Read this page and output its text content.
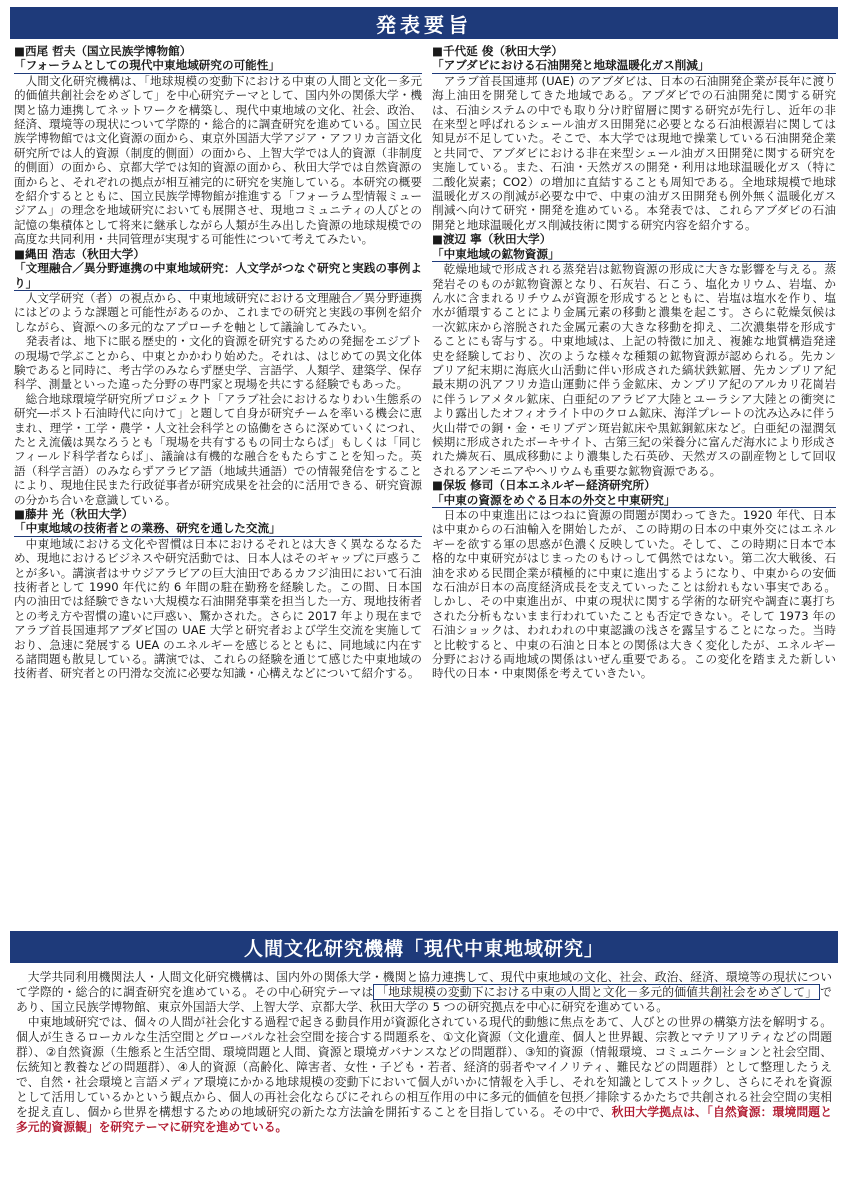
発表要旨

■西尾 哲夫（国立民族学博物館）

「フォーラムとしての現代中東地域研究の可能性」

人間文化研究機構は、「地球規模の変動下における中東の人間と文化－多元的価値共創社会をめざして」を中心研究テーマとして、国内外の関係大学・機関と協力連携してネットワークを構築し、現代中東地域の文化、社会、政治、経済、環境等の現状について学際的・総合的に調査研究を進めている。国立民族学博物館では文化資源の面から、東京外国語大学アジア・アフリカ言語文化研究所では人的資源（制度的側面）の面から、上智大学では人的資源（非制度的側面）の面から、京都大学では知的資源の面から、秋田大学では自然資源の面からと、それぞれの拠点が相互補完的に研究を実施している。本研究の概要を紹介するとともに、国立民族学博物館が推進する「フォーラム型情報ミュージアム」の理念を地域研究においても展開させ、現地コミュニティの人びとの記憶の集積体として将来に継承しながら人類が生み出した資源の地球規模での高度な共同利用・共同管理が実現する可能性について考えてみたい。

■縄田 浩志（秋田大学）

「文理融合／異分野連携の中東地域研究：人文学がつなぐ研究と実践の事例より」

人文学研究（者）の視点から、中東地域研究における文理融合／異分野連携にはどのような課題と可能性があるのか、これまでの研究と実践の事例を紹介しながら、資源への多元的なアプローチを軸として議論してみたい。

発表者は、地下に眠る歴史的・文化的資源を研究するための発掘をエジプトの現場で学ぶことから、中東とかかわり始めた。それは、はじめての異文化体験であると同時に、考古学のみならず歴史学、言語学、人類学、建築学、保存科学、測量といった違った分野の専門家と現場を共にする経験でもあった。

総合地球環境学研究所プロジェクト「アラブ社会におけるなりわい生態系の研究―ポスト石油時代に向けて」と題して自身が研究チームを率いる機会に恵まれ、理学・工学・農学・人文社会科学との協働をさらに深めていくにつれ、たとえ流儀は異なろうとも「現場を共有するもの同士ならば」もしくは「同じフィールド科学者ならば」、議論は有機的な融合をもたらすことを知った。英語（科学言語）のみならずアラビア語（地域共通語）での情報発信をすることにより、現地住民また行政従事者が研究成果を社会的に活用できる、研究資源の分かち合いを意識している。

■藤井 光（秋田大学）

「中東地域の技術者との業務、研究を通した交流」

中東地域における文化や習慣は日本におけるそれとは大きく異なるなるため、現地におけるビジネスや研究活動では、日本人はそのギャップに戸惑うことが多い。講演者はサウジアラビアの巨大油田であるカフジ油田において石油技術者として 1990 年代に約 6 年間の駐在勤務を経験した。この間、日本国内の油田では経験できない大規模な石油開発事業を担当した一方、現地技術者との考え方や習慣の違いに戸惑い、驚かされた。さらに 2017 年より現在までアラブ首長国連邦アブダビ国の UAE 大学と研究者および学生交流を実施しており、急速に発展する UEA のエネルギーを感じるとともに、同地域に内在する諸問題も散見している。講演では、これらの経験を通じて感じた中東地域の技術者、研究者との円滑な交流に必要な知識・心構えなどについて紹介する。

■千代延 俊（秋田大学）

「アブダビにおける石油開発と地球温暖化ガス削減」

アラブ首長国連邦 (UAE) のアブダビは、日本の石油開発企業が長年に渡り海上油田を開発してきた地域である。アブダビでの石油開発に関する研究は、石油システムの中でも取り分け貯留層に関する研究が先行し、近年の非在来型と呼ばれるシェール油ガス田開発に必要となる石油根源岩に関しては知見が不足していた。そこで、本大学では現地で操業している石油開発企業と共同で、アブダビにおける非在来型シェール油ガス田開発に関する研究を実施している。また、石油・天然ガスの開発・利用は地球温暖化ガス（特に二酸化炭素；CO2）の増加に直結することも周知である。全地球規模で地球温暖化ガスの削減が必要な中で、中東の油ガス田開発も例外無く温暖化ガス削減へ向けて研究・開発を進めている。本発表では、これらアブダビの石油開発と地球温暖化ガス削減技術に関する研究内容を紹介する。

■渡辺 寧（秋田大学）

「中東地域の鉱物資源」

乾燥地域で形成される蒸発岩は鉱物資源の形成に大きな影響を与える。蒸発岩そのものが鉱物資源となり、石灰岩、石こう、塩化カリウム、岩塩、かん水に含まれるリチウムが資源を形成するとともに、岩塩は塩水を作り、塩水が循環することにより金属元素の移動と濃集を起こす。さらに乾燥気候は一次鉱床から溶脱された金属元素の大きな移動を抑え、二次濃集帯を形成することにも寄与する。中東地域は、上記の特徴に加え、複雑な地質構造発達史を経験しており、次のような様々な種類の鉱物資源が認められる。先カンブリア紀末期に海底火山活動に伴い形成された縞状鉄鉱層、先カンブリア紀最末期の汎アフリカ造山運動に伴う金鉱床、カンブリア紀のアルカリ花崗岩に伴うレアメタル鉱床、白亜紀のアラビア大陸とユーラシア大陸との衝突により露出したオフィオライト中のクロム鉱床、海洋プレートの沈み込みに伴う火山帯での銅・金・モリブデン斑岩鉱床や黒鉱銅鉱床など。白亜紀の湿潤気候期に形成されたボーキサイト、古第三紀の栄養分に富んだ海水により形成された燐灰石、風成移動により濃集した石英砂、天然ガスの副産物として回収されるアンモニアやヘリウムも重要な鉱物資源である。

■保坂 修司（日本エネルギー経済研究所）

「中東の資源をめぐる日本の外交と中東研究」

日本の中東進出にはつねに資源の問題が関わってきた。1920 年代、日本は中東からの石油輸入を開始したが、この時期の日本の中東外交にはエネルギーを欲する軍の思惑が色濃く反映していた。そして、この時期に日本で本格的な中東研究がはじまったのもけっして偶然ではない。第二次大戦後、石油を求める民間企業が積極的に中東に進出するようになり、中東からの安価な石油が日本の高度経済成長を支えていったことは紛れもない事実である。しかし、その中東進出が、中東の現状に関する学術的な研究や調査に裏打ちされた分析もないまま行われていたことも否定できない。そして 1973 年の石油ショックは、われわれの中東認識の浅さを露呈することになった。当時と比較すると、中東の石油と日本との関係は大きく変化したが、エネルギー分野における両地域の関係はいぜん重要である。この変化を踏まえた新しい時代の日本・中東関係を考えていきたい。

人間文化研究機構「現代中東地域研究」

大学共同利用機関法人・人間文化研究機構は、国内外の関係大学・機関と協力連携して、現代中東地域の文化、社会、政治、経済、環境等の現状について学際的・総合的に調査研究を進めている。その中心研究テーマは 「地球規模の変動下における中東の人間と文化－多元的価値共創社会をめざして」 であり、国立民族学博物館、東京外国語大学、上智大学、京都大学、秋田大学の 5 つの研究拠点を中心に研究を進めている。

中東地域研究では、個々の人間が社会化する過程で起きる動員作用が資源化されている現代的動態に焦点をあて、人びとの世界の構築方法を解明する。個人が生きるローカルな生活空間とグローバルな社会空間を接合する問題系を、①文化資源（文化遺産、個人と世界観、宗教とマテリアリティなどの問題群）、②自然資源（生態系と生活空間、環境問題と人間、資源と環境ガバナンスなどの問題群）、③知的資源（情報環境、コミュニケーションと社会空間、伝統知と教養などの問題群）、④人的資源（高齢化、障害者、女性・子ども・若者、経済的弱者やマイノリティ、難民などの問題群）として整理したうえで、自然・社会環境と言語メディア環境にかかる地球規模の変動下において個人がいかに情報を入手し、それを知識としてストックし、さらにそれを資源として活用しているかという観点から、個人の再社会化ならびにそれらの相互作用の中に多元的価値を包摂／排除するかたちで共創される社会空間の実相を捉え直し、個から世界を構想するための地域研究の新たな方法論を開拓することを目指している。その中で、秋田大学拠点は、「自然資源：環境問題と多元的資源観」を研究テーマに研究を進めている。
